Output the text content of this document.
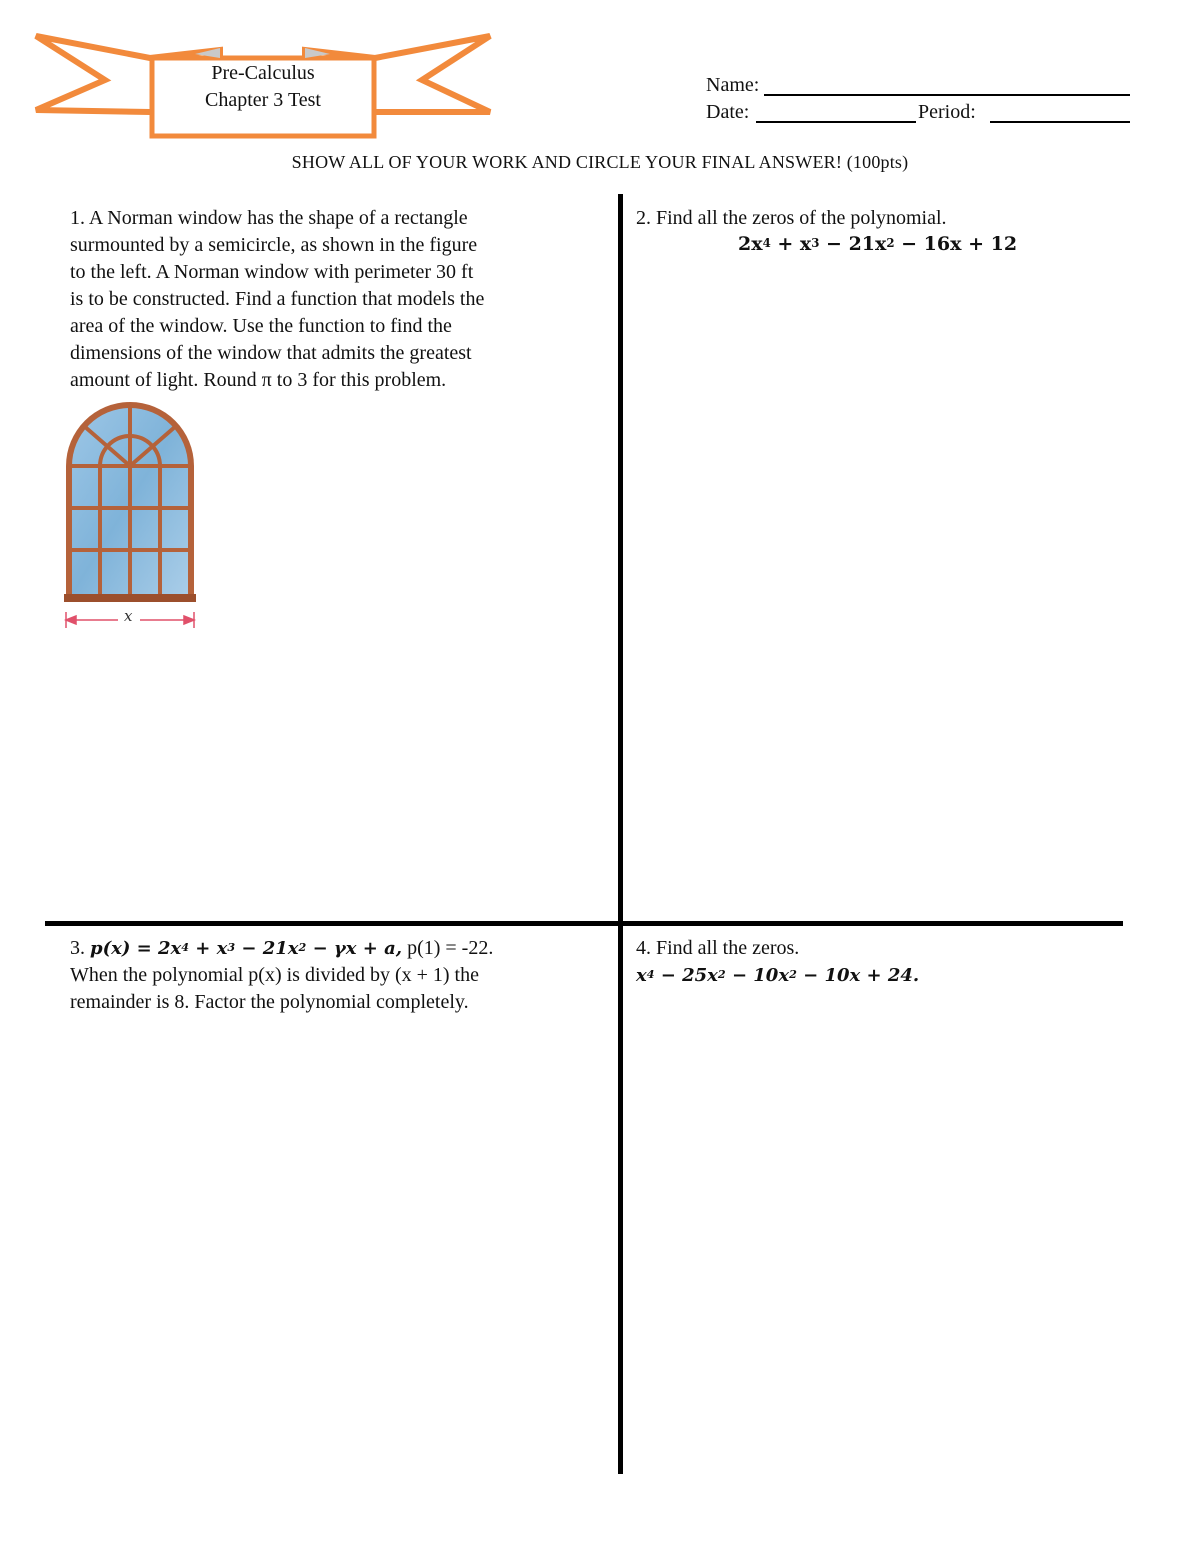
Pre-Calculus
Chapter 3 Test
Name:
Date:	Period:
SHOW ALL OF YOUR WORK AND CIRCLE YOUR FINAL ANSWER! (100pts)
1. A Norman window has the shape of a rectangle
surmounted by a semicircle, as shown in the figure
to the left. A Norman window with perimeter 30 ft
is to be constructed. Find a function that models the
area of the window. Use the function to find the
dimensions of the window that admits the greatest
amount of light. Round π to 3 for this problem.
x
2. Find all the zeros of the polynomial.
$2x^4 + x^3 - 21x^2 - 16x + 12$
3. $p(x) = 2x^4 + x^3 - 21x^2 - \gamma x + a$, p(1) = -22.
When the polynomial p(x) is divided by (x + 1) the
remainder is 8. Factor the polynomial completely.
4. Find all the zeros.
$x^4 - 25x^2 - 10x^2 - 10x + 24$.
